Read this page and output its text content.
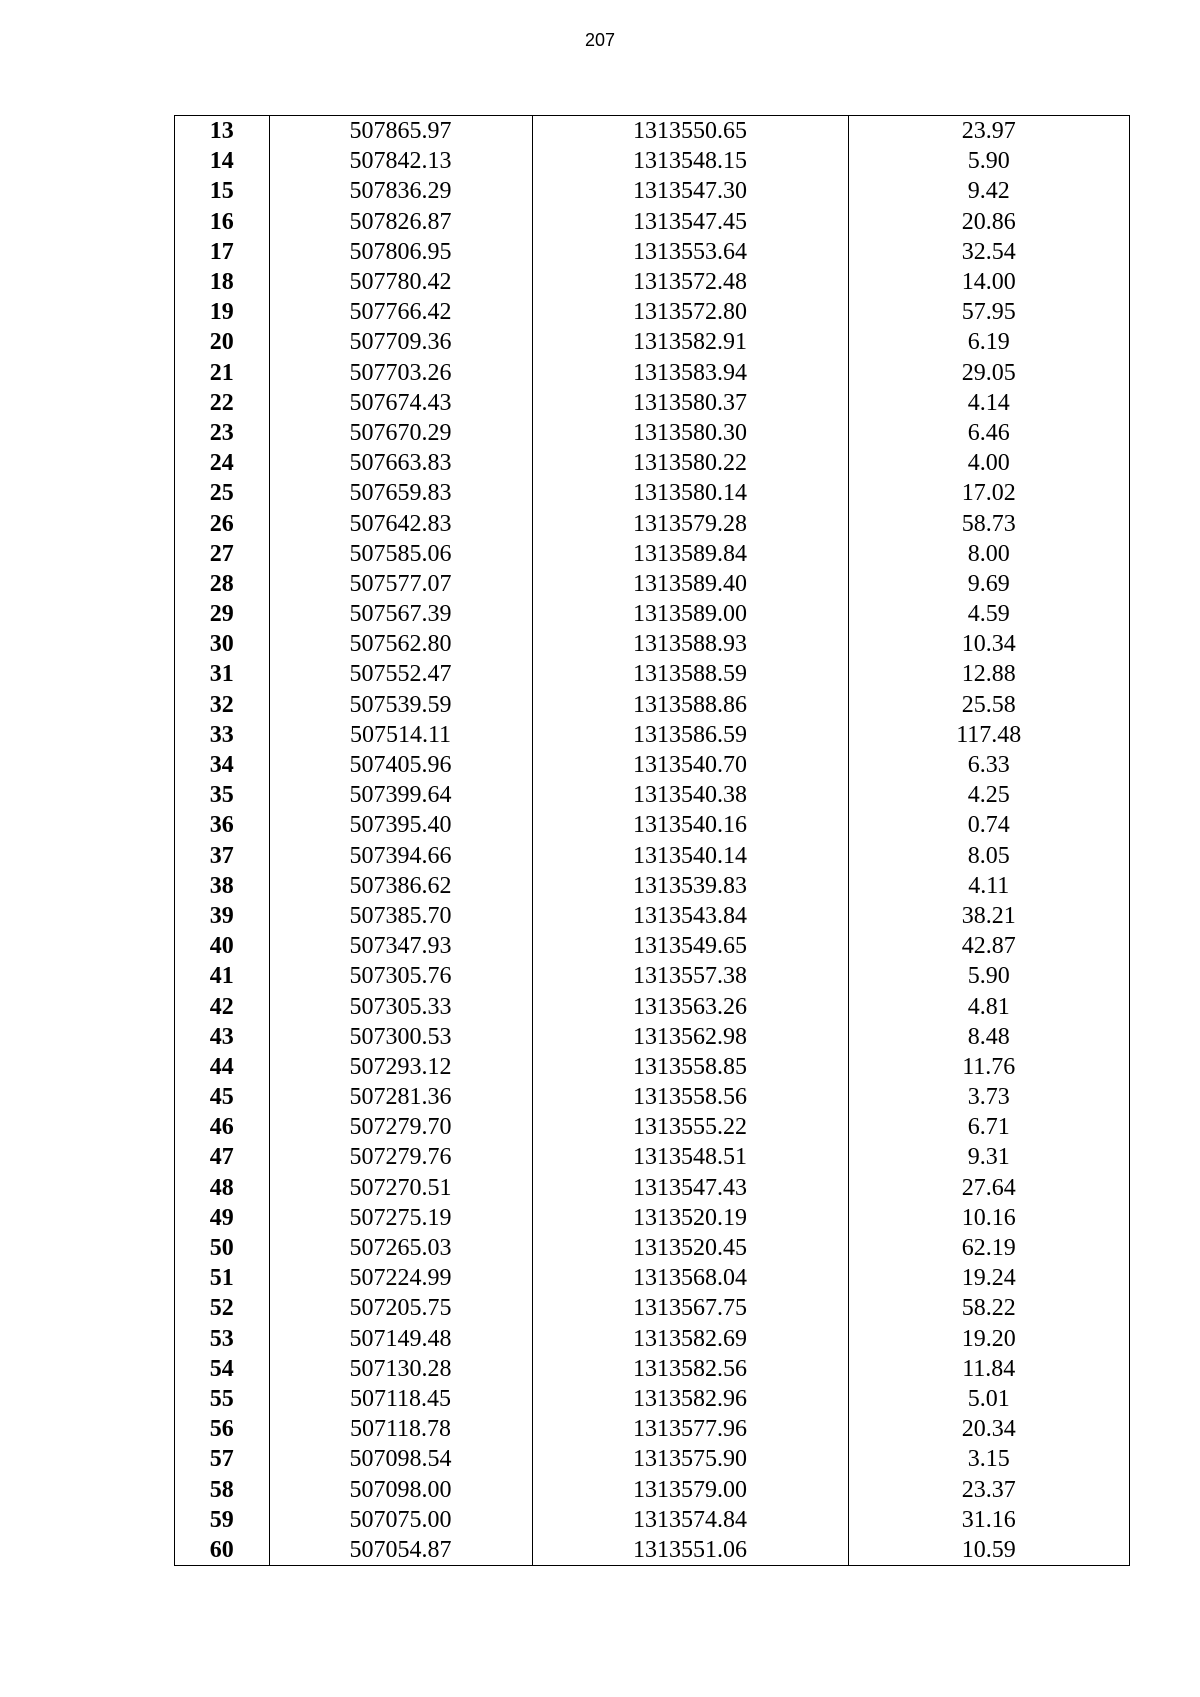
207
13	507865.97	1313550.65	23.97
14	507842.13	1313548.15	5.90
15	507836.29	1313547.30	9.42
16	507826.87	1313547.45	20.86
17	507806.95	1313553.64	32.54
18	507780.42	1313572.48	14.00
19	507766.42	1313572.80	57.95
20	507709.36	1313582.91	6.19
21	507703.26	1313583.94	29.05
22	507674.43	1313580.37	4.14
23	507670.29	1313580.30	6.46
24	507663.83	1313580.22	4.00
25	507659.83	1313580.14	17.02
26	507642.83	1313579.28	58.73
27	507585.06	1313589.84	8.00
28	507577.07	1313589.40	9.69
29	507567.39	1313589.00	4.59
30	507562.80	1313588.93	10.34
31	507552.47	1313588.59	12.88
32	507539.59	1313588.86	25.58
33	507514.11	1313586.59	117.48
34	507405.96	1313540.70	6.33
35	507399.64	1313540.38	4.25
36	507395.40	1313540.16	0.74
37	507394.66	1313540.14	8.05
38	507386.62	1313539.83	4.11
39	507385.70	1313543.84	38.21
40	507347.93	1313549.65	42.87
41	507305.76	1313557.38	5.90
42	507305.33	1313563.26	4.81
43	507300.53	1313562.98	8.48
44	507293.12	1313558.85	11.76
45	507281.36	1313558.56	3.73
46	507279.70	1313555.22	6.71
47	507279.76	1313548.51	9.31
48	507270.51	1313547.43	27.64
49	507275.19	1313520.19	10.16
50	507265.03	1313520.45	62.19
51	507224.99	1313568.04	19.24
52	507205.75	1313567.75	58.22
53	507149.48	1313582.69	19.20
54	507130.28	1313582.56	11.84
55	507118.45	1313582.96	5.01
56	507118.78	1313577.96	20.34
57	507098.54	1313575.90	3.15
58	507098.00	1313579.00	23.37
59	507075.00	1313574.84	31.16
60	507054.87	1313551.06	10.59
